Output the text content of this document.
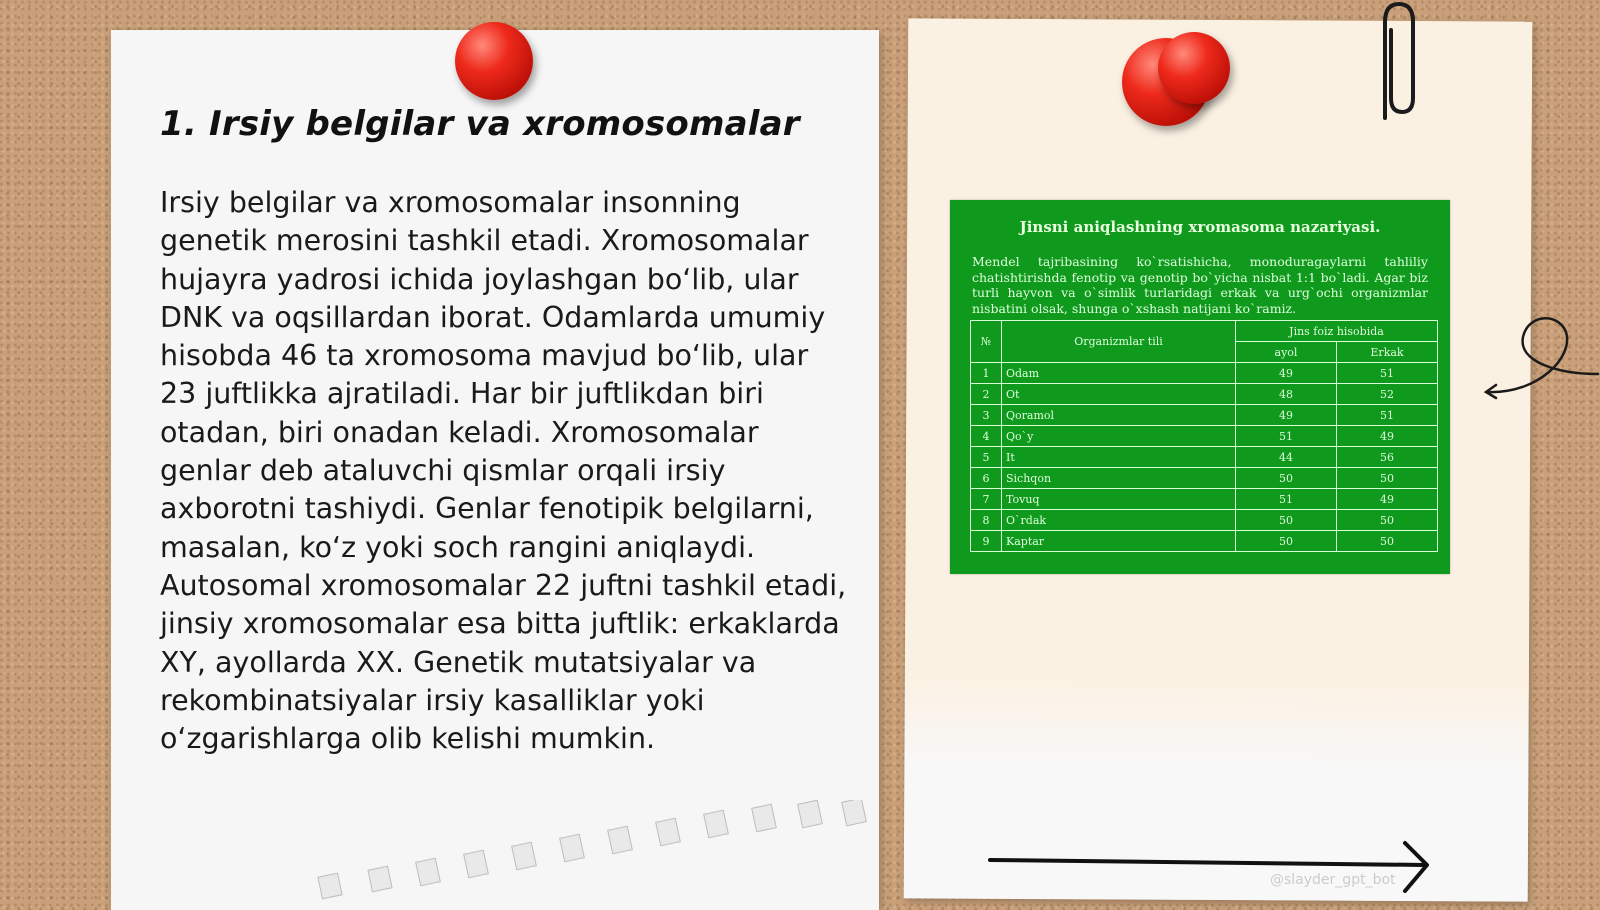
1. Irsiy belgilar va xromosomalar

Irsiy belgilar va xromosomalar insonning genetik merosini tashkil etadi. Xromosomalar hujayra yadrosi ichida joylashgan bo‘lib, ular DNK va oqsillardan iborat. Odamlarda umumiy hisobda 46 ta xromosoma mavjud bo‘lib, ular 23 juftlikka ajratiladi. Har bir juftlikdan biri otadan, biri onadan keladi. Xromosomalar genlar deb ataluvchi qismlar orqali irsiy axborotni tashiydi. Genlar fenotipik belgilarni, masalan, ko‘z yoki soch rangini aniqlaydi. Autosomal xromosomalar 22 juftni tashkil etadi, jinsiy xromosomalar esa bitta juftlik: erkaklarda XY, ayollarda XX. Genetik mutatsiyalar va rekombinatsiyalar irsiy kasalliklar yoki o‘zgarishlarga olib kelishi mumkin.

Jinsni aniqlashning xromasoma nazariyasi.

Mendel tajribasining ko`rsatishicha, monoduragaylarni tahliliy chatishtirishda fenotip va genotip bo`yicha nisbat 1:1 bo`ladi. Agar biz turli hayvon va o`simlik turlaridagi erkak va urg`ochi organizmlar nisbatini olsak, shunga o`xshash natijani ko`ramiz.

№	Organizmlar tili	Jins foiz hisobida	
		ayol	Erkak
1	Odam	49	51
2	Ot	48	52
3	Qoramol	49	51
4	Qo`y	51	49
5	It	44	56
6	Sichqon	50	50
7	Tovuq	51	49
8	O`rdak	50	50
9	Kaptar	50	50
@slayder_gpt_bot
